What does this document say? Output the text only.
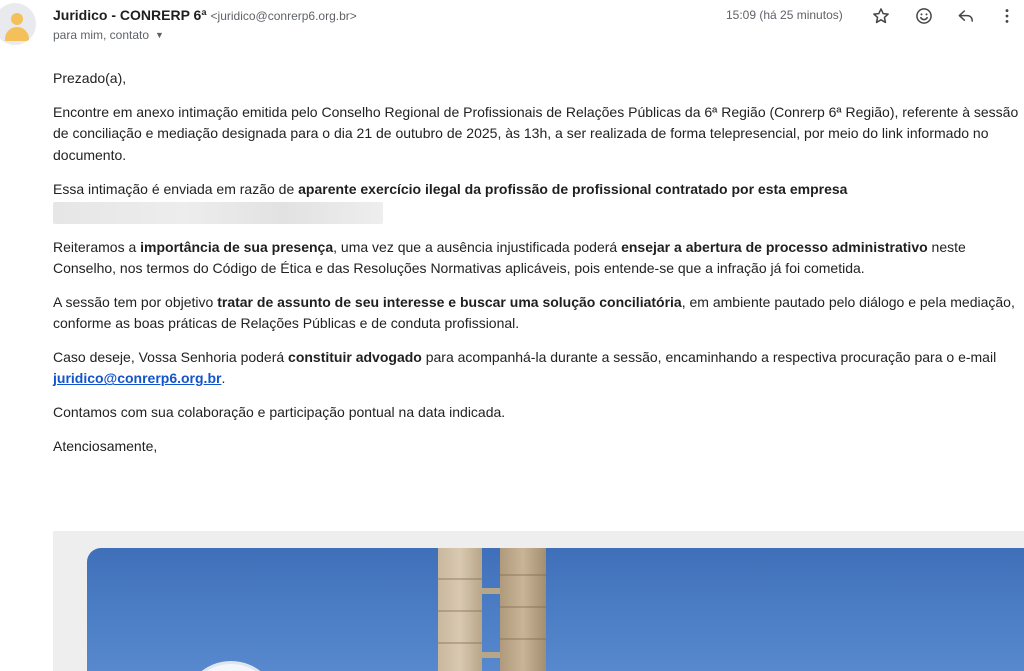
Juridico - CONRERP 6ª <juridico@conrerp6.org.br>
para mim, contato ▼
15:09 (há 25 minutos)

Prezado(a),

Encontre em anexo intimação emitida pelo Conselho Regional de Profissionais de Relações Públicas da 6ª Região (Conrerp 6ª Região), referente à sessão de conciliação e mediação designada para o dia 21 de outubro de 2025, às 13h, a ser realizada de forma telepresencial, por meio do link informado no documento.

Essa intimação é enviada em razão de aparente exercício ilegal da profissão de profissional contratado por esta empresa

Reiteramos a importância de sua presença, uma vez que a ausência injustificada poderá ensejar a abertura de processo administrativo neste Conselho, nos termos do Código de Ética e das Resoluções Normativas aplicáveis, pois entende-se que a infração já foi cometida.

A sessão tem por objetivo tratar de assunto de seu interesse e buscar uma solução conciliatória, em ambiente pautado pelo diálogo e pela mediação, conforme as boas práticas de Relações Públicas e de conduta profissional.

Caso deseje, Vossa Senhoria poderá constituir advogado para acompanhá-la durante a sessão, encaminhando a respectiva procuração para o e-mail juridico@conrerp6.org.br.

Contamos com sua colaboração e participação pontual na data indicada.

Atenciosamente,
